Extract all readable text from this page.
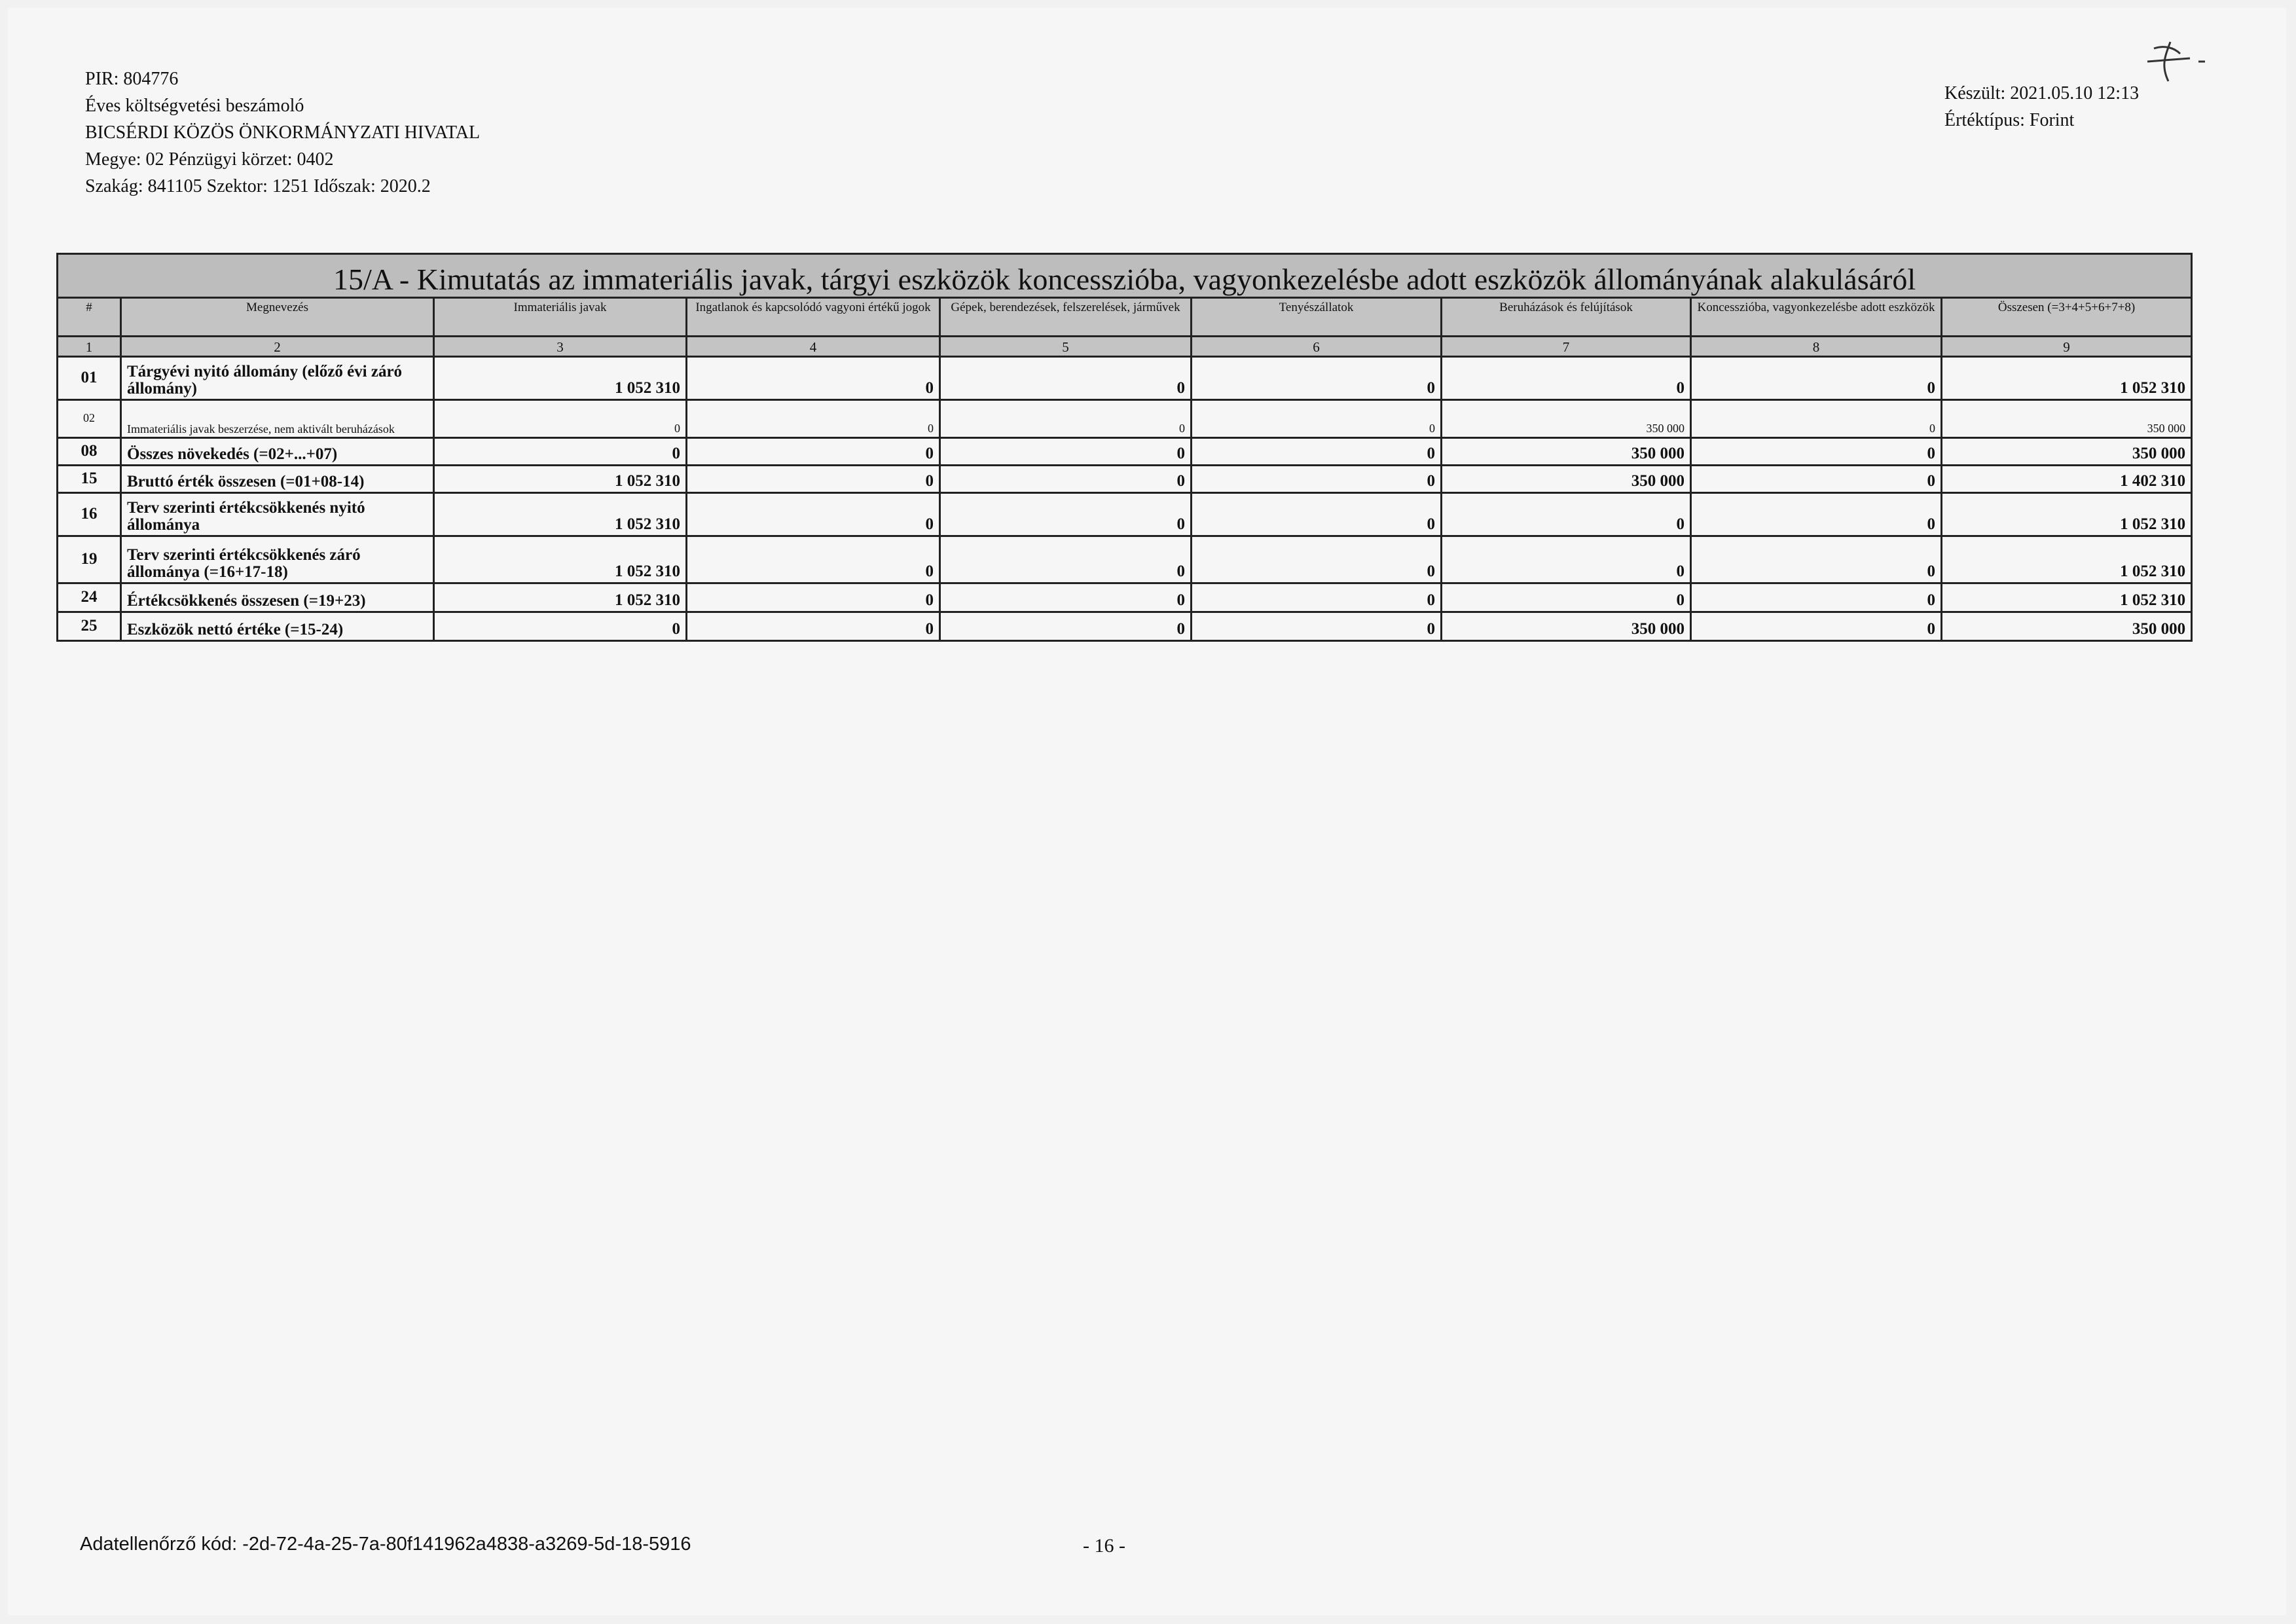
PIR: 804776
Éves költségvetési beszámoló
BICSÉRDI KÖZÖS ÖNKORMÁNYZATI HIVATAL
Megye: 02 Pénzügyi körzet: 0402
Szakág: 841105 Szektor: 1251 Időszak: 2020.2
Készült: 2021.05.10 12:13
Értéktípus: Forint
15/A - Kimutatás az immateriális javak, tárgyi eszközök koncesszióba, vagyonkezelésbe adott eszközök állományának alakulásáról								
#	Megnevezés	Immateriális javak	Ingatlanok és kapcsolódó vagyoni értékű jogok	Gépek, berendezések, felszerelések, járművek	Tenyészállatok	Beruházások és felújítások	Koncesszióba, vagyonkezelésbe adott eszközök	Összesen (=3+4+5+6+7+8)
1	2	3	4	5	6	7	8	9
01	Tárgyévi nyitó állomány (előző évi záró állomány)	1 052 310	0	0	0	0	0	1 052 310
02	Immateriális javak beszerzése, nem aktivált beruházások	0	0	0	0	350 000	0	350 000
08	Összes növekedés (=02+...+07)	0	0	0	0	350 000	0	350 000
15	Bruttó érték összesen (=01+08-14)	1 052 310	0	0	0	350 000	0	1 402 310
16	Terv szerinti értékcsökkenés nyitó állománya	1 052 310	0	0	0	0	0	1 052 310
19	Terv szerinti értékcsökkenés záró állománya (=16+17-18)	1 052 310	0	0	0	0	0	1 052 310
24	Értékcsökkenés összesen (=19+23)	1 052 310	0	0	0	0	0	1 052 310
25	Eszközök nettó értéke (=15-24)	0	0	0	0	350 000	0	350 000
Adatellenőrző kód: -2d-72-4a-25-7a-80f141962a4838-a3269-5d-18-5916	- 16 -
